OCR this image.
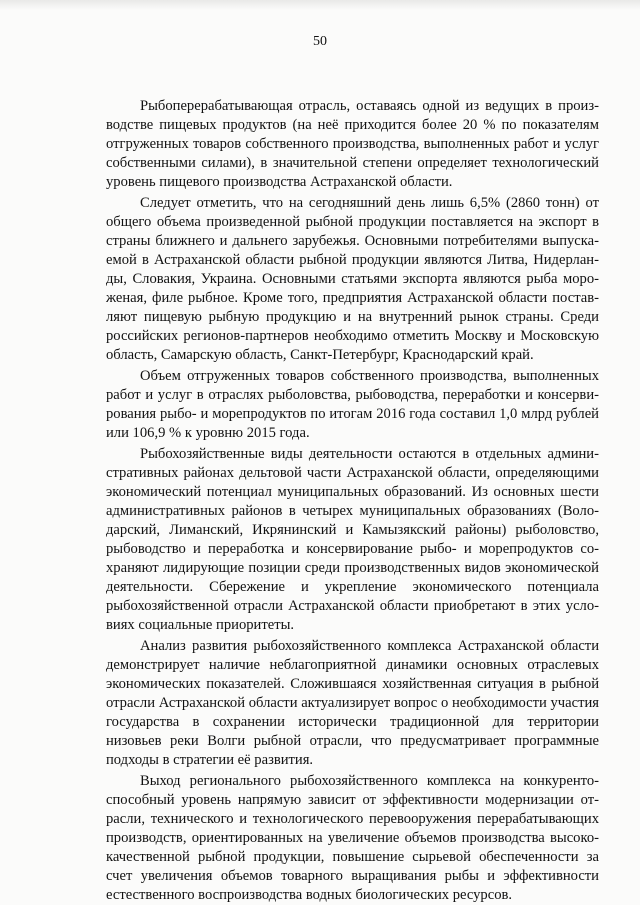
50

Рыбоперерабатывающая отрасль, оставаясь одной из ведущих в производстве пищевых продуктов (на неё приходится более 20 % по показателям отгруженных товаров собственного производства, выполненных работ и услуг собственными силами), в значительной степени определяет технологический уровень пищевого производства Астраханской области.

Следует отметить, что на сегодняшний день лишь 6,5% (2860 тонн) от общего объема произведенной рыбной продукции поставляется на экспорт в страны ближнего и дальнего зарубежья. Основными потребителями выпускаемой в Астраханской области рыбной продукции являются Литва, Нидерланды, Словакия, Украина. Основными статьями экспорта являются рыба мороженая, филе рыбное. Кроме того, предприятия Астраханской области поставляют пищевую рыбную продукцию и на внутренний рынок страны. Среди российских регионов-партнеров необходимо отметить Москву и Московскую область, Самарскую область, Санкт-Петербург, Краснодарский край.

Объем отгруженных товаров собственного производства, выполненных работ и услуг в отраслях рыболовства, рыбоводства, переработки и консервирования рыбо- и морепродуктов по итогам 2016 года составил 1,0 млрд рублей или 106,9 % к уровню 2015 года.

Рыбохозяйственные виды деятельности остаются в отдельных административных районах дельтовой части Астраханской области, определяющими экономический потенциал муниципальных образований. Из основных шести административных районов в четырех муниципальных образованиях (Володарский, Лиманский, Икрянинский и Камызякский районы) рыболовство, рыбоводство и переработка и консервирование рыбо- и морепродуктов сохраняют лидирующие позиции среди производственных видов экономической деятельности. Сбережение и укрепление экономического потенциала рыбохозяйственной отрасли Астраханской области приобретают в этих условиях социальные приоритеты.

Анализ развития рыбохозяйственного комплекса Астраханской области демонстрирует наличие неблагоприятной динамики основных отраслевых экономических показателей. Сложившаяся хозяйственная ситуация в рыбной отрасли Астраханской области актуализирует вопрос о необходимости участия государства в сохранении исторически традиционной для территории низовьев реки Волги рыбной отрасли, что предусматривает программные подходы в стратегии её развития.

Выход регионального рыбохозяйственного комплекса на конкурентоспособный уровень напрямую зависит от эффективности модернизации отрасли, технического и технологического перевооружения перерабатывающих производств, ориентированных на увеличение объемов производства высококачественной рыбной продукции, повышение сырьевой обеспеченности за счет увеличения объемов товарного выращивания рыбы и эффективности естественного воспроизводства водных биологических ресурсов.
